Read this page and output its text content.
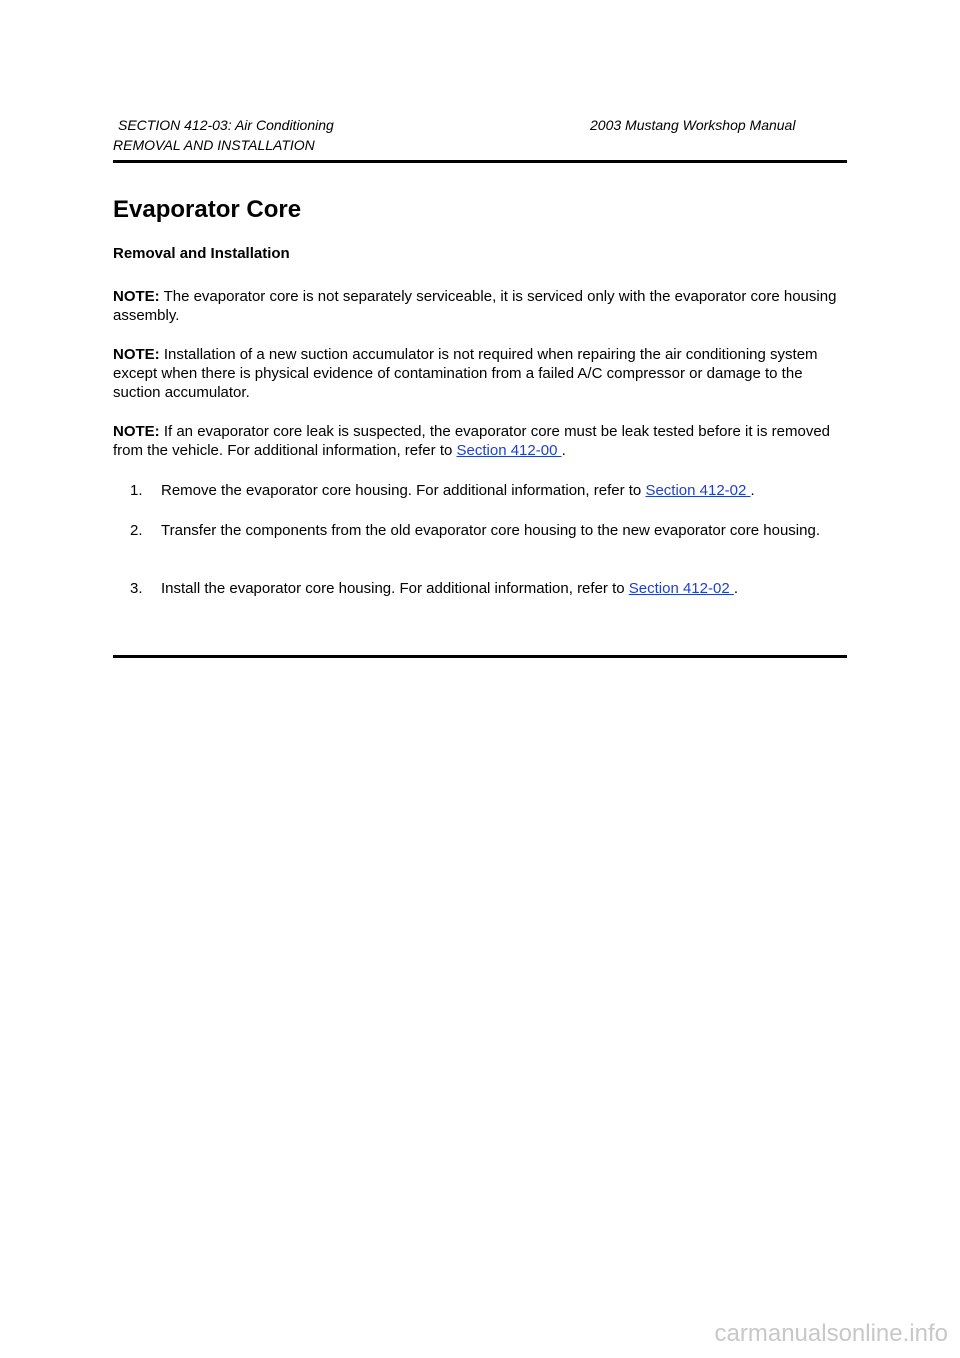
SECTION 412-03: Air Conditioning	2003 Mustang Workshop Manual
REMOVAL AND INSTALLATION
Evaporator Core
Removal and Installation

NOTE: The evaporator core is not separately serviceable, it is serviced only with the evaporator core housing assembly.

NOTE: Installation of a new suction accumulator is not required when repairing the air conditioning system except when there is physical evidence of contamination from a failed A/C compressor or damage to the suction accumulator.

NOTE: If an evaporator core leak is suspected, the evaporator core must be leak tested before it is removed from the vehicle. For additional information, refer to Section 412-00 .

1. Remove the evaporator core housing. For additional information, refer to Section 412-02 .
2. Transfer the components from the old evaporator core housing to the new evaporator core housing.
3. Install the evaporator core housing. For additional information, refer to Section 412-02 .
carmanualsonline.info
